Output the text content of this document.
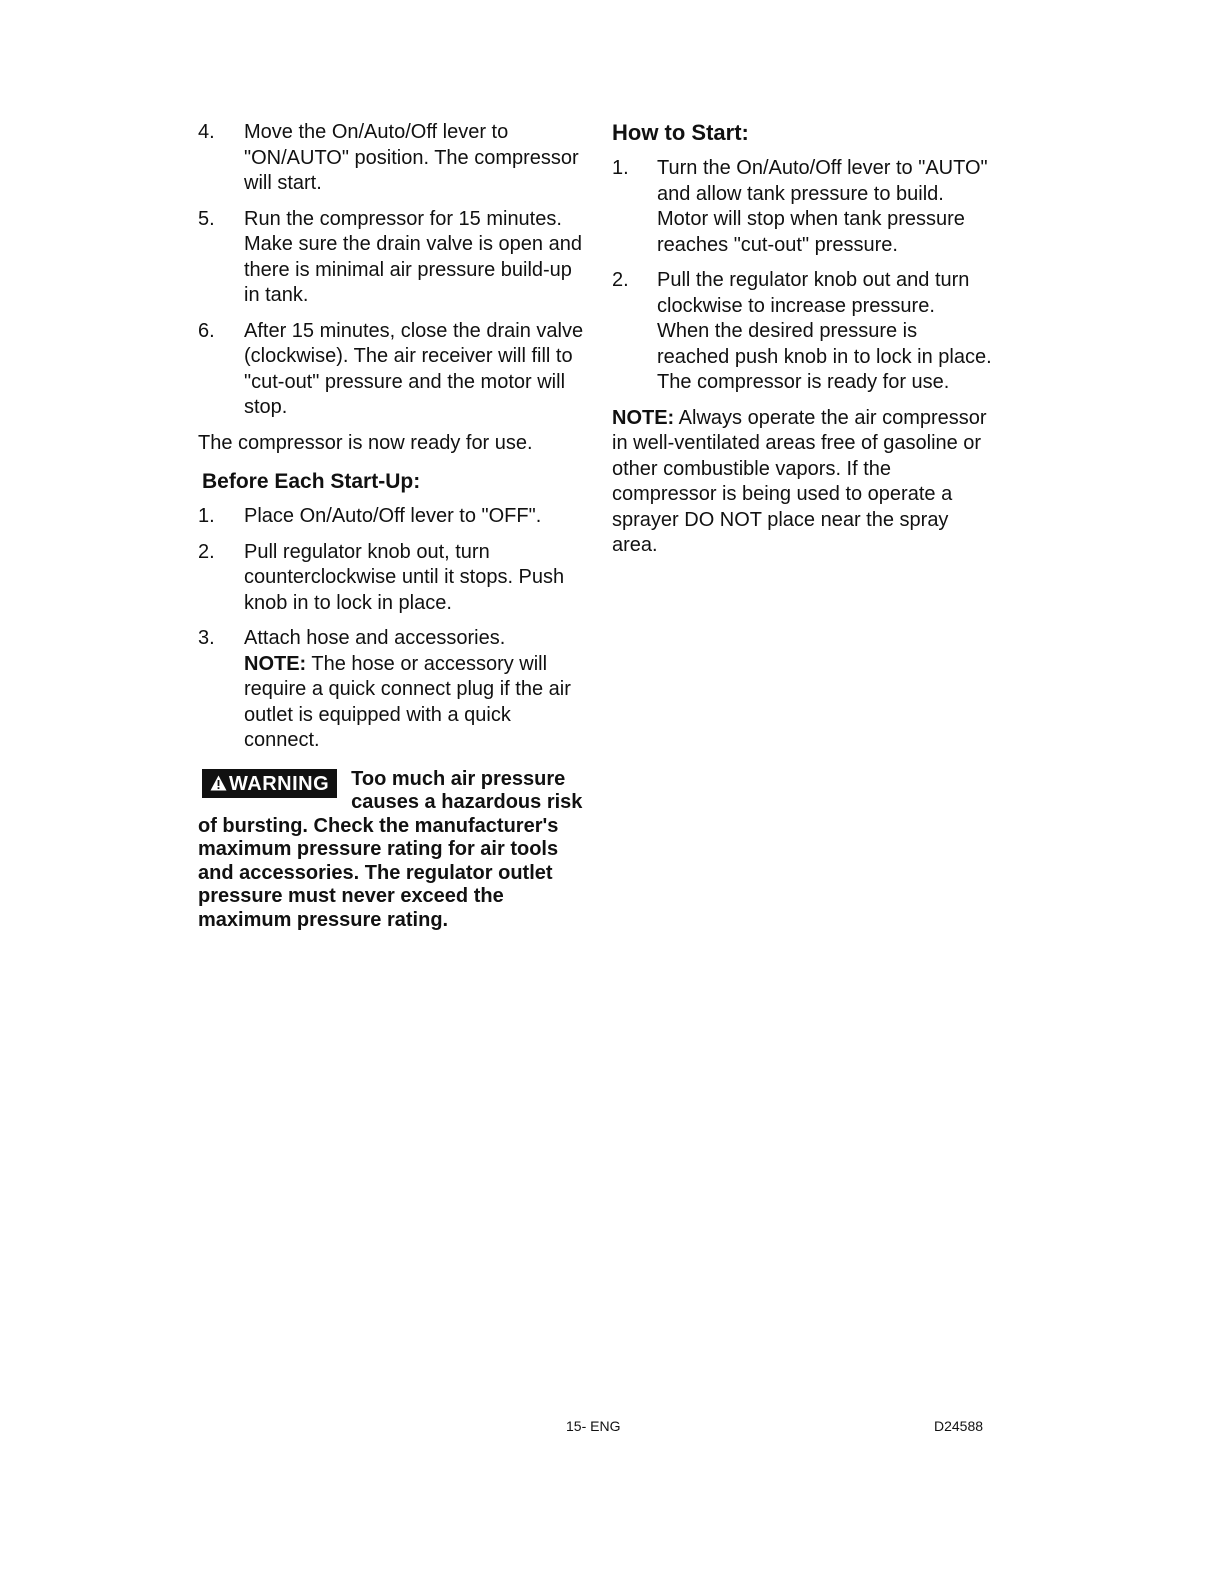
4. Move the On/Auto/Off lever to "ON/AUTO" position. The compressor will start.
5. Run the compressor for 15 minutes. Make sure the drain valve is open and there is minimal air pressure build-up in tank.
6. After 15 minutes, close the drain valve (clockwise). The air receiver will fill to "cut-out" pressure and the motor will stop.
The compressor is now ready for use.
Before Each Start-Up:
1. Place On/Auto/Off lever to "OFF".
2. Pull regulator knob out, turn counterclockwise until it stops. Push knob in to lock in place.
3. Attach hose and accessories.
NOTE: The hose or accessory will require a quick connect plug if the air outlet is equipped with a quick connect.
WARNING	Too much air pressure causes a hazardous risk of bursting. Check the manufacturer's maximum pressure rating for air tools and accessories. The regulator outlet pressure must never exceed the maximum pressure rating.
How to Start:
1. Turn the On/Auto/Off lever to "AUTO" and allow tank pressure to build. Motor will stop when tank pressure reaches "cut-out" pressure.
2. Pull the regulator knob out and turn clockwise to increase pressure. When the desired pressure is reached push knob in to lock in place. The compressor is ready for use.
NOTE: Always operate the air compressor in well-ventilated areas free of gasoline or other combustible vapors. If the compressor is being used to operate a sprayer DO NOT place near the spray area.
15- ENG	D24588
